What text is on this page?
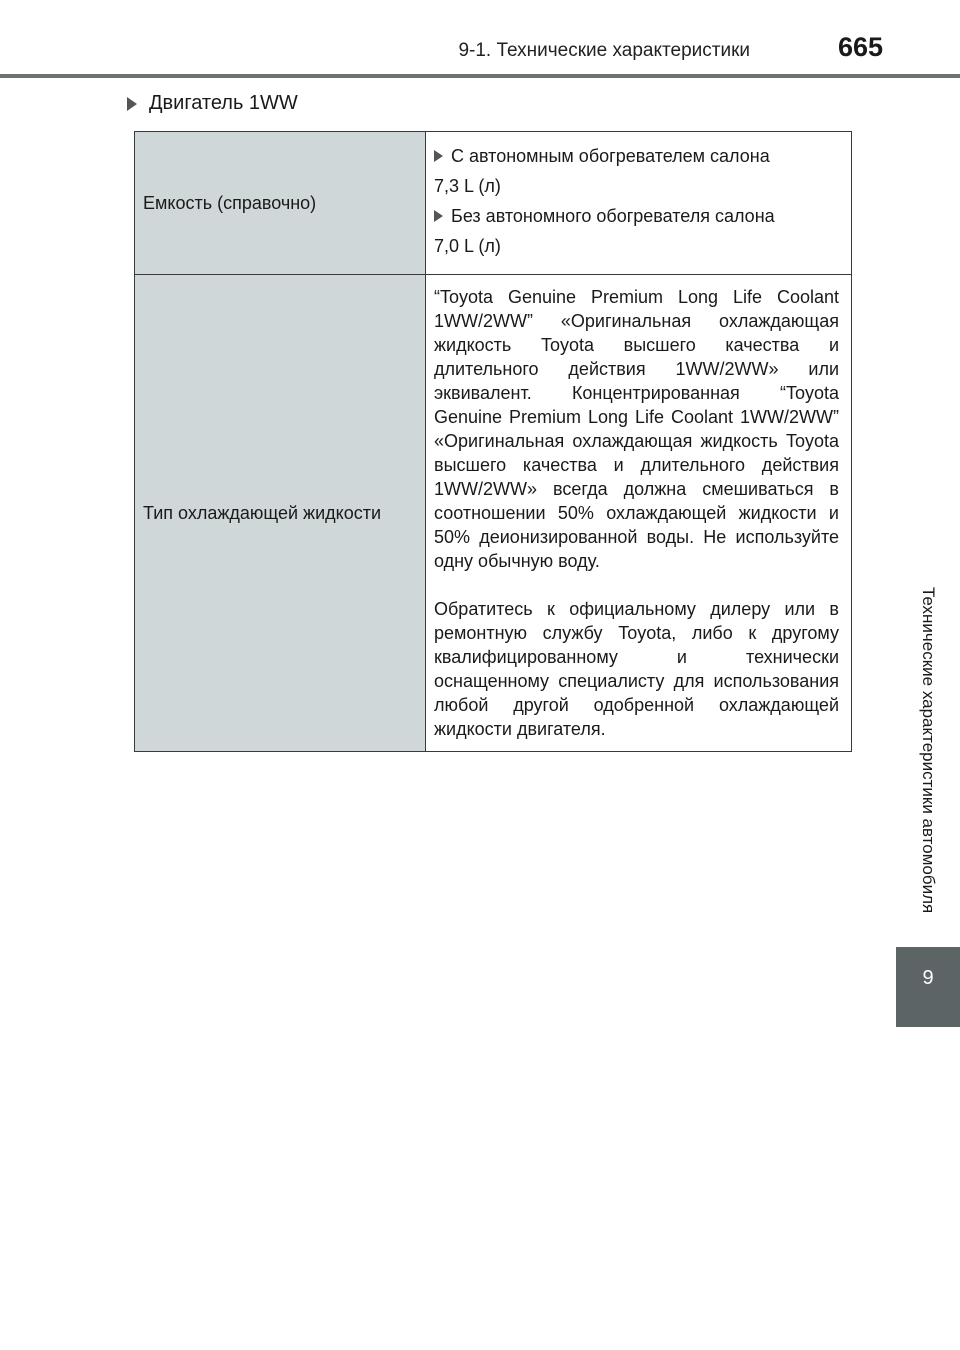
9-1. Технические характеристики	665
Технические характеристики автомобиля
9
Двигатель 1WW
Емкость (справочно)	С автономным обогревателем салона
7,3 L (л)
Без автономного обогревателя салона
7,0 L (л)

Тип охлаждающей жидкости	“Toyota Genuine Premium Long Life Coolant 1WW/2WW” «Оригинальная охлаждающая жидкость Toyota высшего качества и длительного действия 1WW/2WW» или эквивалент. Концентрированная “Toyota Genuine Premium Long Life Coolant 1WW/2WW” «Оригинальная охлаждающая жидкость Toyota высшего качества и длительного действия 1WW/2WW» всегда должна смешиваться в соотношении 50% охлаждающей жидкости и 50% деионизированной воды. Не используйте одну обычную воду.

Обратитесь к официальному дилеру или в ремонтную службу Toyota, либо к другому квалифицированному и технически оснащенному специалисту для использования любой другой одобренной охлаждающей жидкости двигателя.
